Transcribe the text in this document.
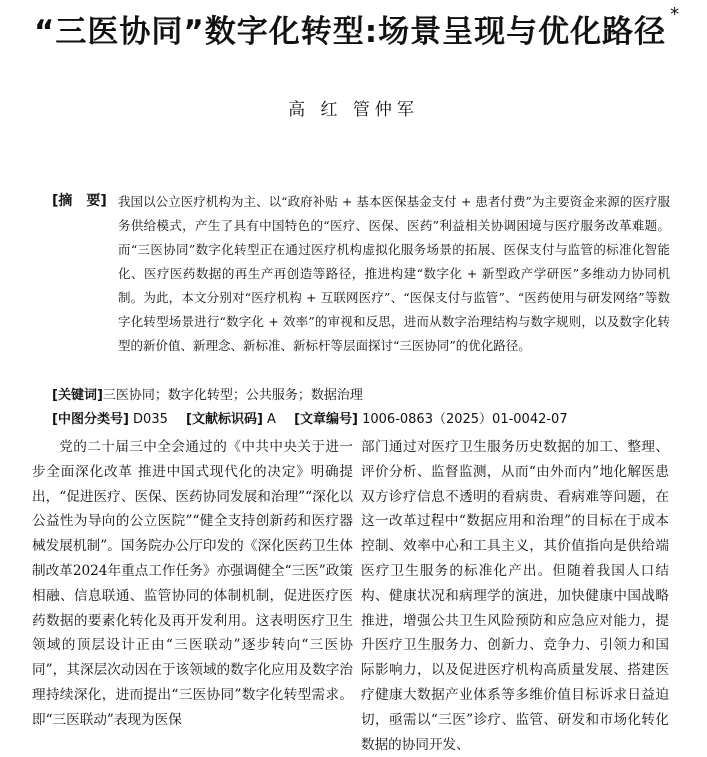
“三医协同”数字化转型:场景呈现与优化路径 *
高 红 管仲军
[摘　要] 我国以公立医疗机构为主、以“政府补贴 + 基本医保基金支付 + 患者付费”为主要资金来源的医疗服务供给模式，产生了具有中国特色的“医疗、医保、医药”利益相关协调困境与医疗服务改革难题。而“三医协同”数字化转型正在通过医疗机构虚拟化服务场景的拓展、医保支付与监管的标准化智能化、医疗医药数据的再生产再创造等路径，推进构建“数字化 + 新型政产学研医”多维动力协同机制。为此，本文分别对“医疗机构 + 互联网医疗”、“医保支付与监管”、“医药使用与研发网络”等数字化转型场景进行“数字化 + 效率”的审视和反思，进而从数字治理结构与数字规则，以及数字化转型的新价值、新理念、新标准、新标杆等层面探讨“三医协同”的优化路径。
[关键词]三医协同；数字化转型；公共服务；数据治理
[中图分类号] D035 [文献标识码] A [文章编号] 1006-0863（2025）01-0042-07
党的二十届三中全会通过的《中共中央关于进一步全面深化改革 推进中国式现代化的决定》明确提出，“促进医疗、医保、医药协同发展和治理”“深化以公益性为导向的公立医院”“健全支持创新药和医疗器械发展机制”。国务院办公厅印发的《深化医药卫生体制改革2024年重点工作任务》亦强调健全“三医”政策相融、信息联通、监管协同的体制机制，促进医疗医药数据的要素化转化及再开发利用。这表明医疗卫生领域的顶层设计正由“三医联动”逐步转向“三医协同”，其深层次动因在于该领域的数字化应用及数字治理持续深化，进而提出“三医协同”数字化转型需求。即“三医联动”表现为医保
部门通过对医疗卫生服务历史数据的加工、整理、评价分析、监督监测，从而“由外而内”地化解医患双方诊疗信息不透明的看病贵、看病难等问题，在这一改革过程中“数据应用和治理”的目标在于成本控制、效率中心和工具主义，其价值指向是供给端医疗卫生服务的标准化产出。但随着我国人口结构、健康状况和病理学的演进，加快健康中国战略推进，增强公共卫生风险预防和应急应对能力，提升医疗卫生服务力、创新力、竞争力、引领力和国际影响力，以及促进医疗机构高质量发展、搭建医疗健康大数据产业体系等多维价值目标诉求日益迫切，亟需以“三医”诊疗、监管、研发和市场化转化数据的协同开发、
